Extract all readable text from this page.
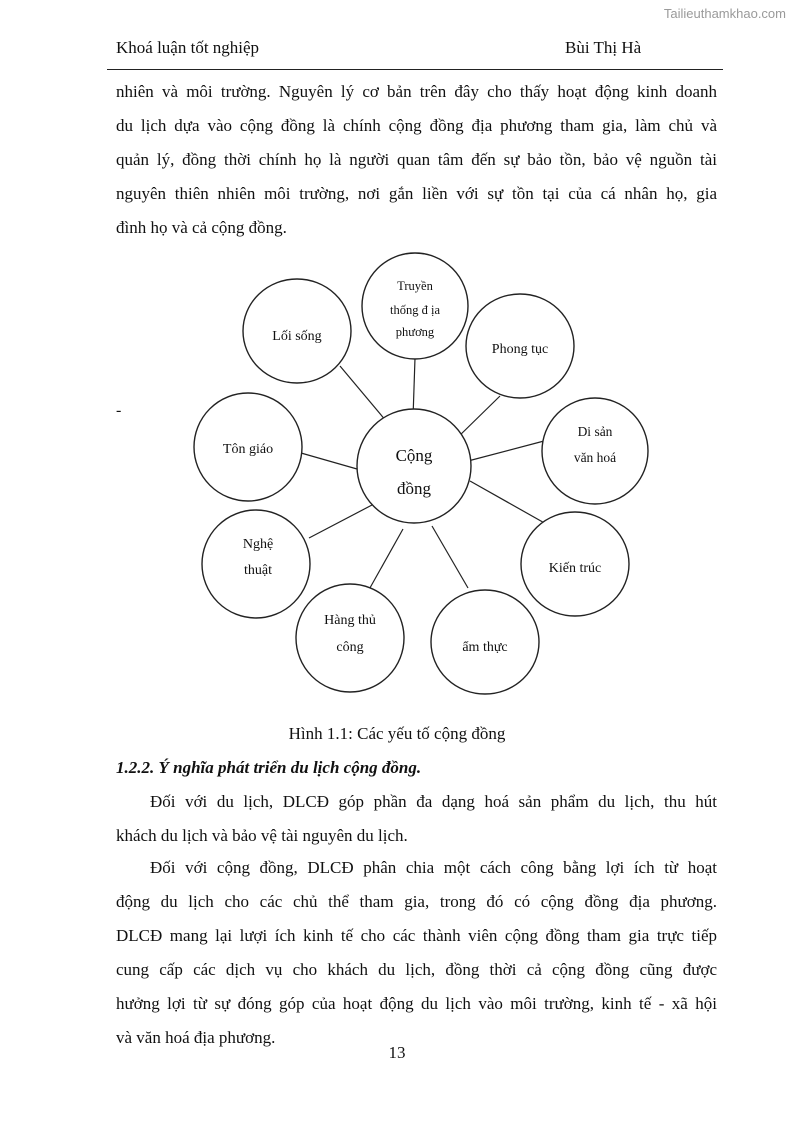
Tailieuthamkhao.com
Khoá luận tốt nghiệp	Bùi Thị Hà
nhiên và môi trường. Nguyên lý cơ bản trên đây cho thấy hoạt động kinh doanh
du lịch dựa vào cộng đồng là chính cộng đồng địa phương tham gia, làm chủ và
quản lý, đồng thời chính họ là người quan tâm đến sự bảo tồn, bảo vệ nguồn tài
nguyên thiên nhiên môi trường, nơi gắn liền với sự tồn tại của cá nhân họ, gia
đình họ và cả cộng đồng.
-
Cộng
đồng
Lối sống
Truyền
thống đ ịa
phương
Phong tục
Di sản
văn hoá
Kiến trúc
ẩm thực
Hàng thủ
công
Nghệ
thuật
Tôn giáo
Hình 1.1: Các yếu tố cộng đồng
1.2.2. Ý nghĩa phát triển du lịch cộng đồng.
Đối với du lịch, DLCĐ góp phần đa dạng hoá sản phẩm du lịch, thu hút
khách du lịch và bảo vệ tài nguyên du lịch.
Đối với cộng đồng, DLCĐ phân chia một cách công bằng lợi ích từ hoạt
động du lịch cho các chủ thể tham gia, trong đó có cộng đồng địa phương.
DLCĐ mang lại lượi ích kinh tế cho các thành viên cộng đồng tham gia trực tiếp
cung cấp các dịch vụ cho khách du lịch, đồng thời cả cộng đồng cũng được
hưởng lợi từ sự đóng góp của hoạt động du lịch vào môi trường, kinh tế - xã hội
và văn hoá địa phương.
13
